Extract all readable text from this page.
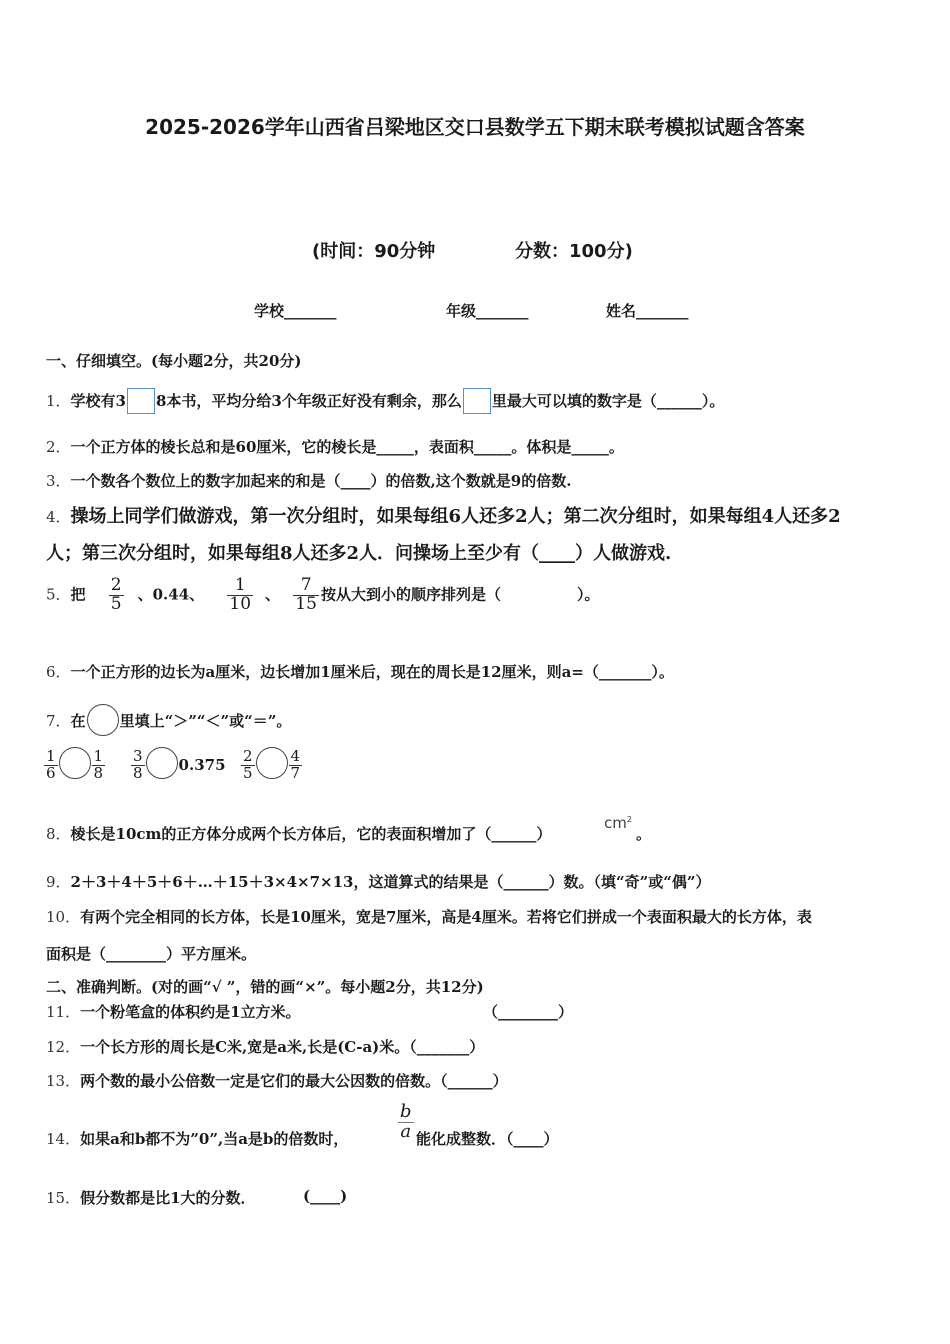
2025-2026学年山西省吕梁地区交口县数学五下期末联考模拟试题含答案
(时间：90分钟	分数：100分)
学校_______	年级_______	姓名_______
一、仔细填空。(每小题2分，共20分)
1．学校有3 8本书，平均分给3个年级正好没有剩余，那么 里最大可以填的数字是（______）。
2．一个正方体的棱长总和是60厘米，它的棱长是_____，表面积_____。体积是_____。
3．一个数各个数位上的数字加起来的和是（____）的倍数,这个数就是9的倍数.
4．操场上同学们做游戏，第一次分组时，如果每组6人还多2人；第二次分组时，如果每组4人还多2
人；第三次分组时，如果每组8人还多2人．问操场上至少有（____）人做游戏.
5．把 $\frac{2}{5}$ 、0.44、 $\frac{1}{10}$ 、 $\frac{7}{15}$ 按从大到小的顺序排列是（	）。
6．一个正方形的边长为a厘米，边长增加1厘米后，现在的周长是12厘米，则a=（_______）。
7．在 里填上“＞”“＜”或“＝”。
$\frac{1}{6} \frac{1}{8} \frac{3}{8} 0.375 \frac{2}{5} \frac{4}{7}$
8．棱长是10cm的正方体分成两个长方体后，它的表面积增加了（______）
$cm^2$
。
9．2＋3＋4＋5＋6＋…＋15＋3×4×7×13，这道算式的结果是（______）数。（填“奇”或“偶”）
10．有两个完全相同的长方体，长是10厘米，宽是7厘米，高是4厘米。若将它们拼成一个表面积最大的长方体，表
面积是（________）平方厘米。
二、准确判断。(对的画“√ ”，错的画“×”。每小题2分，共12分)
11．一个粉笔盒的体积约是1立方米。	（________）
12．一个长方形的周长是C米,宽是a米,长是(C-a)米。（_______）
13．两个数的最小公倍数一定是它们的最大公因数的倍数。（______）
14．如果a和b都不为”0”,当a是b的倍数时，	$\frac{b}{a}$ 能化成整数．（____）
15．假分数都是比1大的分数．	(____)
